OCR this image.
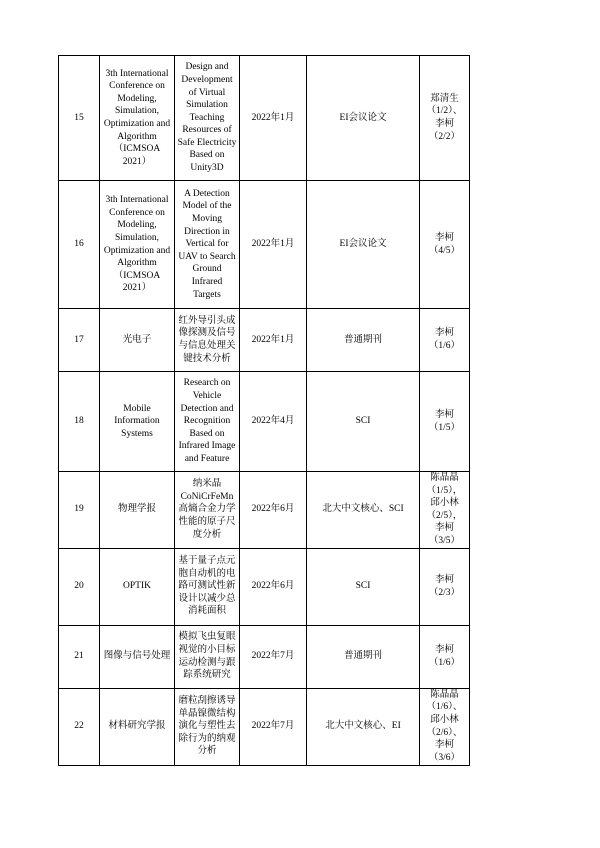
15	3th International Conference on Modeling, Simulation, Optimization and Algorithm（ICMSOA 2021）	Design and Development of Virtual Simulation Teaching Resources of Safe Electricity Based on Unity3D	2022年1月	EI会议论文	郑清生（1/2）、李柯（2/2）
16	3th International Conference on Modeling, Simulation, Optimization and Algorithm（ICMSOA 2021）	A Detection Model of the Moving Direction in Vertical for UAV to Search Ground Infrared Targets	2022年1月	EI会议论文	李柯（4/5）
17	光电子	红外导引头成像探测及信号与信息处理关键技术分析	2022年1月	普通期刊	李柯（1/6）
18	Mobile Information Systems	Research on Vehicle Detection and Recognition Based on Infrared Image and Feature	2022年4月	SCI	李柯（1/5）
19	物理学报	纳米晶CoNiCrFeMn高熵合金力学性能的原子尺度分析	2022年6月	北大中文核心、SCI	陈晶晶（1/5），邱小林（2/5），李柯（3/5）
20	OPTIK	基于量子点元胞自动机的电路可测试性新设计以减少总消耗面积	2022年6月	SCI	李柯（2/3）
21	图像与信号处理	模拟飞虫复眼视觉的小目标运动检测与跟踪系统研究	2022年7月	普通期刊	李柯（1/6）
22	材料研究学报	磨粒刮擦诱导单晶镍微结构演化与塑性去除行为的纳观分析	2022年7月	北大中文核心、EI	陈晶晶（1/6）、邱小林（2/6）、李柯（3/6）
